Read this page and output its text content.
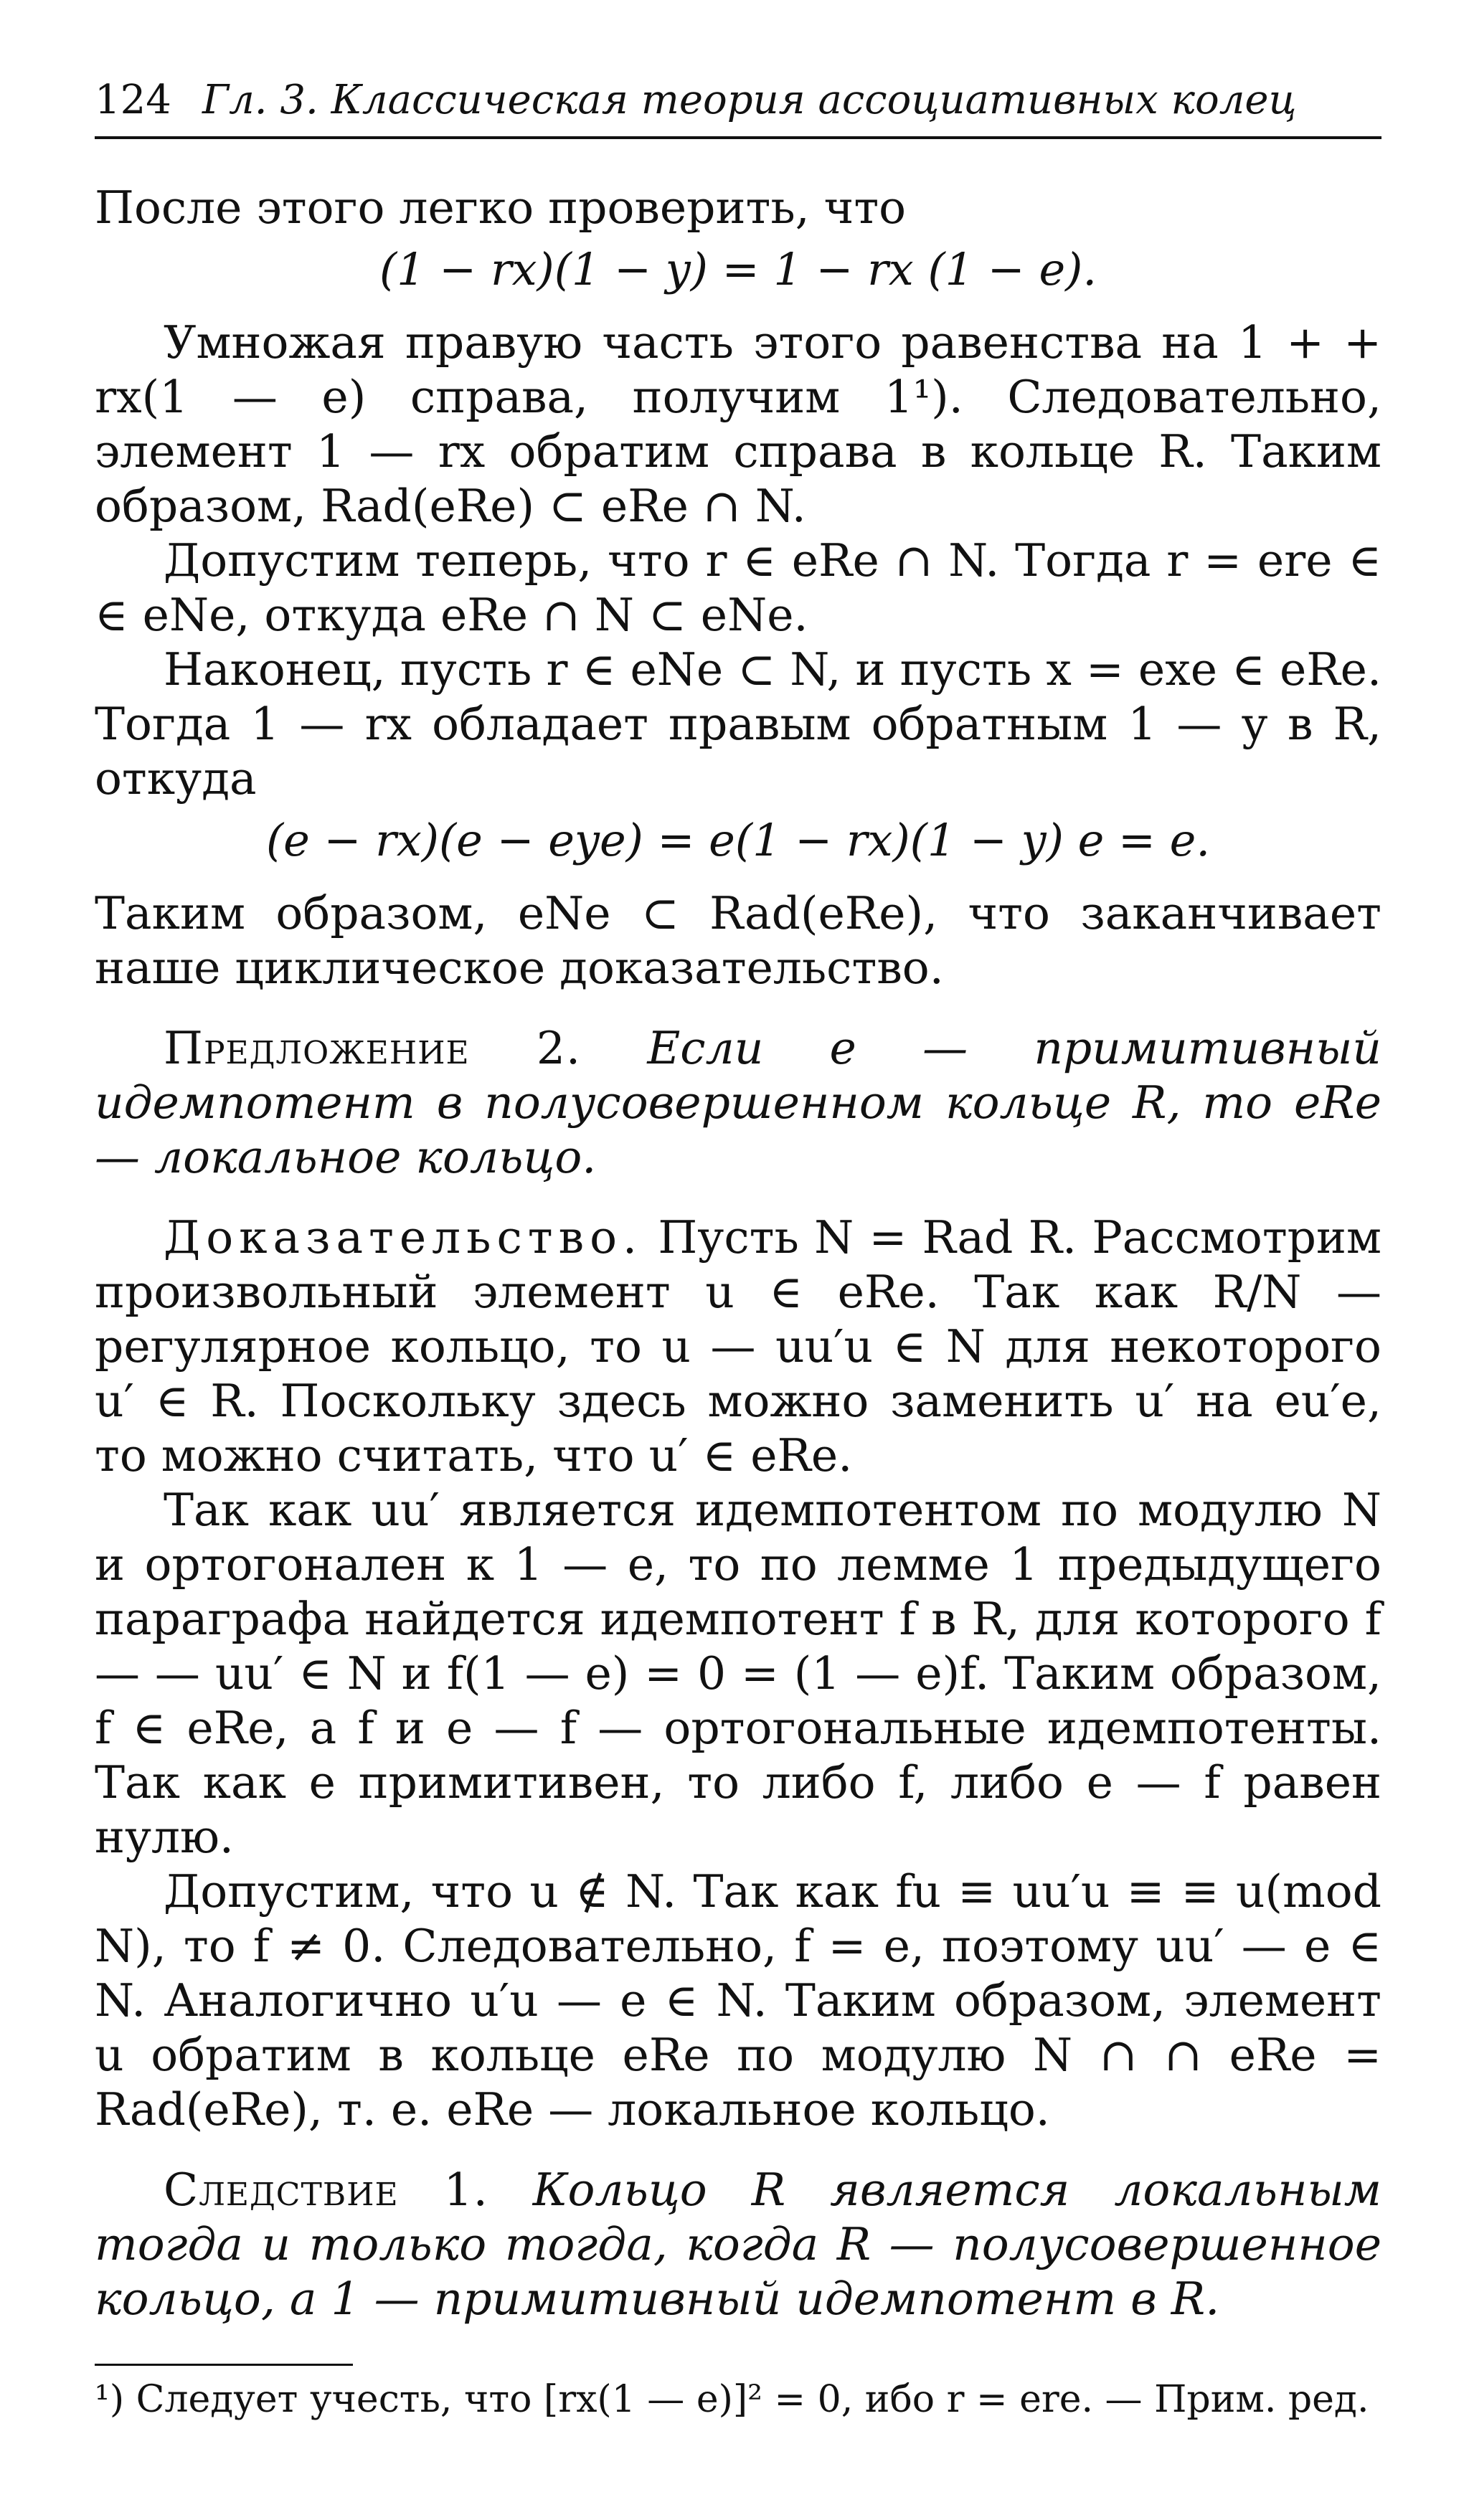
124 Гл. 3. Классическая теория ассоциативных колец

После этого легко проверить, что

(1 − rx)(1 − y) = 1 − rx (1 − e).

Умножая правую часть этого равенства на 1 + + rx(1 — e) справа, получим 1¹). Следовательно, элемент 1 — rx обратим справа в кольце R. Таким образом, Rad(eRe) ⊂ eRe ∩ N.

Допустим теперь, что r ∈ eRe ∩ N. Тогда r = ere ∈ ∈ eNe, откуда eRe ∩ N ⊂ eNe.

Наконец, пусть r ∈ eNe ⊂ N, и пусть x = exe ∈ eRe. Тогда 1 — rx обладает правым обратным 1 — y в R, откуда

(e − rx)(e − eye) = e(1 − rx)(1 − y) e = e.

Таким образом, eNe ⊂ Rad(eRe), что заканчивает наше циклическое доказательство.

Предложение 2. Если e — примитивный идемпотент в полусовершенном кольце R, то eRe — локальное кольцо.

Доказательство. Пусть N = Rad R. Рассмотрим произвольный элемент u ∈ eRe. Так как R/N — регулярное кольцо, то u — uu′u ∈ N для некоторого u′ ∈ R. Поскольку здесь можно заменить u′ на eu′e, то можно считать, что u′ ∈ eRe.

Так как uu′ является идемпотентом по модулю N и ортогонален к 1 — e, то по лемме 1 предыдущего параграфа найдется идемпотент f в R, для которого f — — uu′ ∈ N и f(1 — e) = 0 = (1 — e)f. Таким образом, f ∈ eRe, а f и e — f — ортогональные идемпотенты. Так как e примитивен, то либо f, либо e — f равен нулю.

Допустим, что u ∉ N. Так как fu ≡ uu′u ≡ ≡ u(mod N), то f ≠ 0. Следовательно, f = e, поэтому uu′ — e ∈ N. Аналогично u′u — e ∈ N. Таким образом, элемент u обратим в кольце eRe по модулю N ∩ ∩ eRe = Rad(eRe), т. е. eRe — локальное кольцо.

Следствие 1. Кольцо R является локальным тогда и только тогда, когда R — полусовершенное кольцо, а 1 — примитивный идемпотент в R.

¹) Следует учесть, что [rx(1 — e)]² = 0, ибо r = ere. — Прим. ред.
